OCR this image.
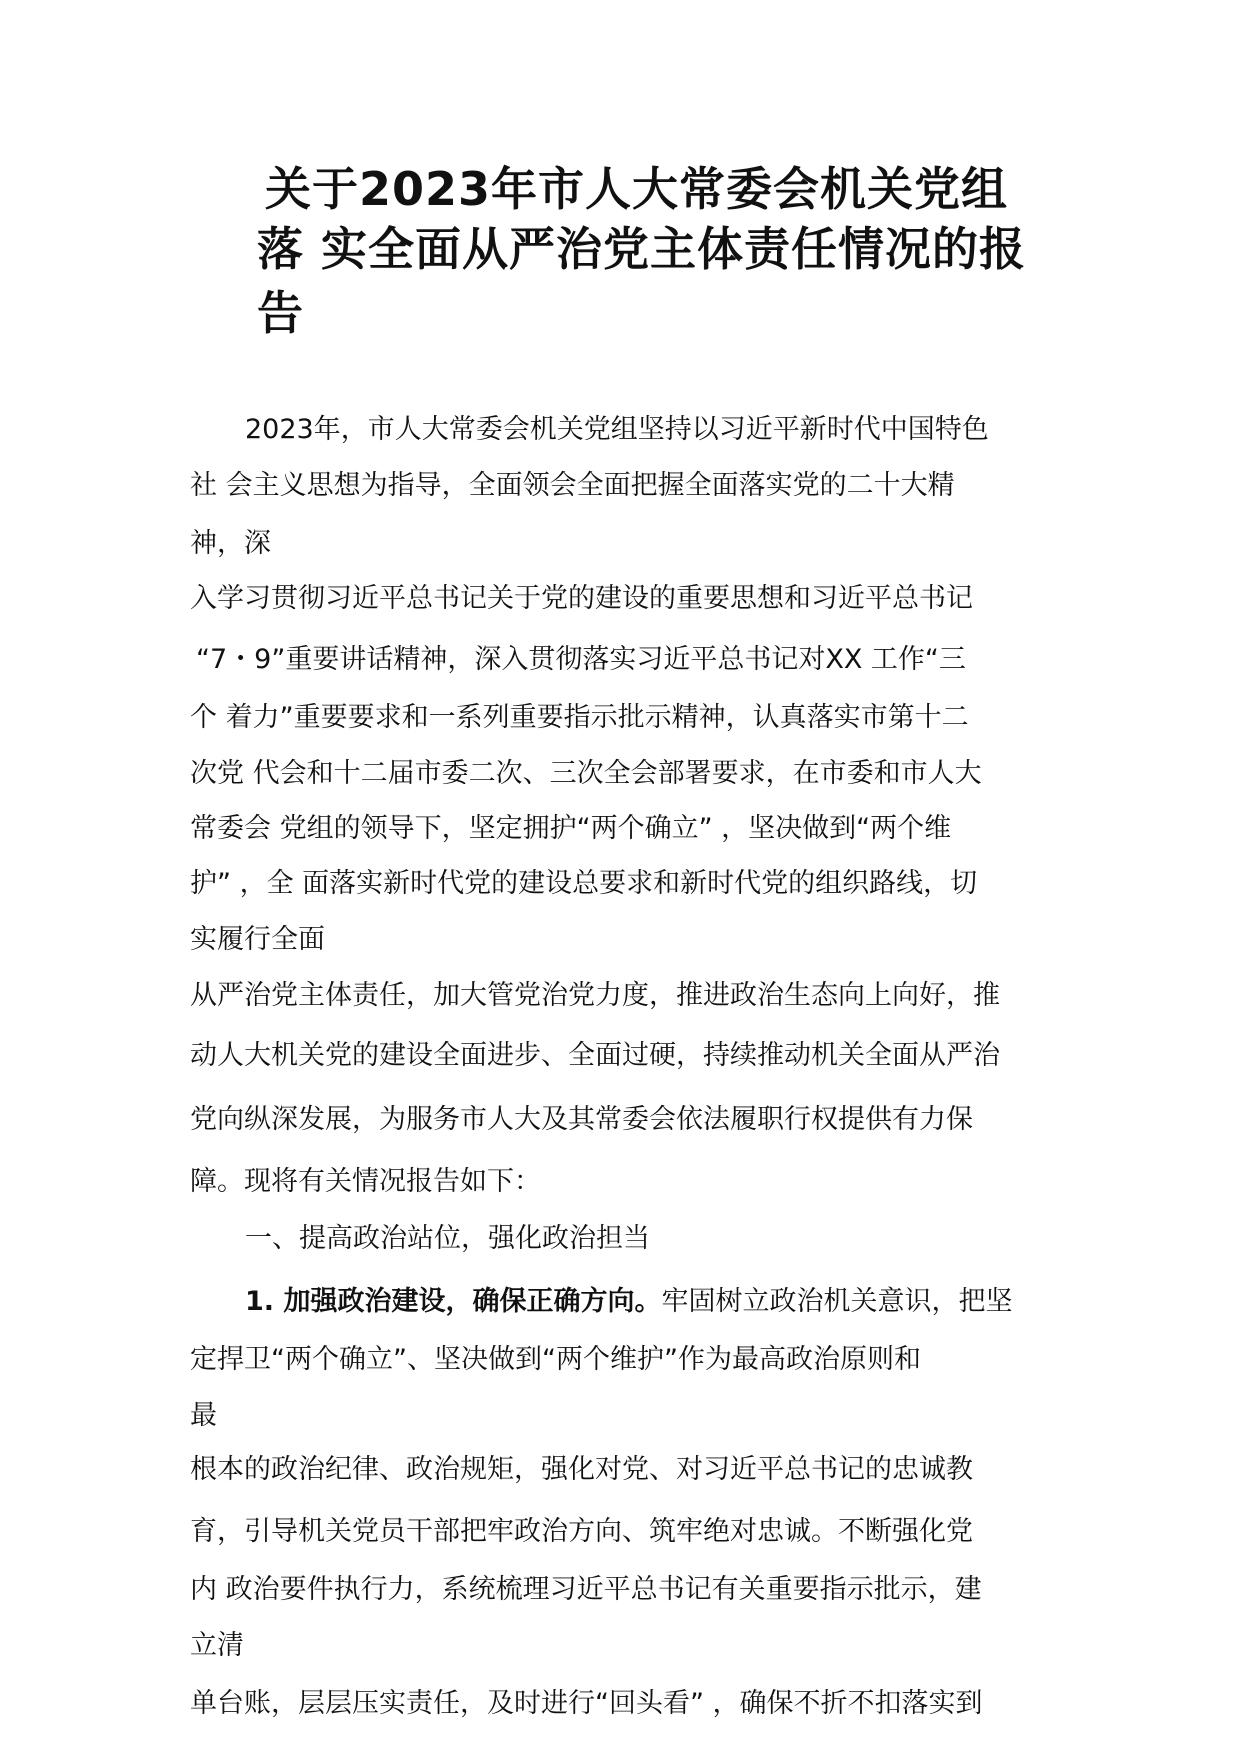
关于2023年市人大常委会机关党组
落 实全面从严治党主体责任情况的报
告
2023年，市人大常委会机关党组坚持以习近平新时代中国特色
社 会主义思想为指导，全面领会全面把握全面落实党的二十大精
神，深
入学习贯彻习近平总书记关于党的建设的重要思想和习近平总书记
“7・9”重要讲话精神，深入贯彻落实习近平总书记对XX 工作“三
个 着力”重要要求和一系列重要指示批示精神，认真落实市第十二
次党 代会和十二届市委二次、三次全会部署要求，在市委和市人大
常委会 党组的领导下，坚定拥护“两个确立” ，坚决做到“两个维
护” ，全 面落实新时代党的建设总要求和新时代党的组织路线，切
实履行全面
从严治党主体责任，加大管党治党力度，推进政治生态向上向好，推
动人大机关党的建设全面进步、全面过硬，持续推动机关全面从严治
党向纵深发展，为服务市人大及其常委会依法履职行权提供有力保
障。现将有关情况报告如下：
一、提高政治站位，强化政治担当
1. 加强政治建设，确保正确方向。牢固树立政治机关意识，把坚
定捍卫“两个确立”、坚决做到“两个维护”作为最高政治原则和
最
根本的政治纪律、政治规矩，强化对党、对习近平总书记的忠诚教
育，引导机关党员干部把牢政治方向、筑牢绝对忠诚。不断强化党
内 政治要件执行力，系统梳理习近平总书记有关重要指示批示，建
立清
单台账，层层压实责任，及时进行“回头看” ，确保不折不扣落实到
